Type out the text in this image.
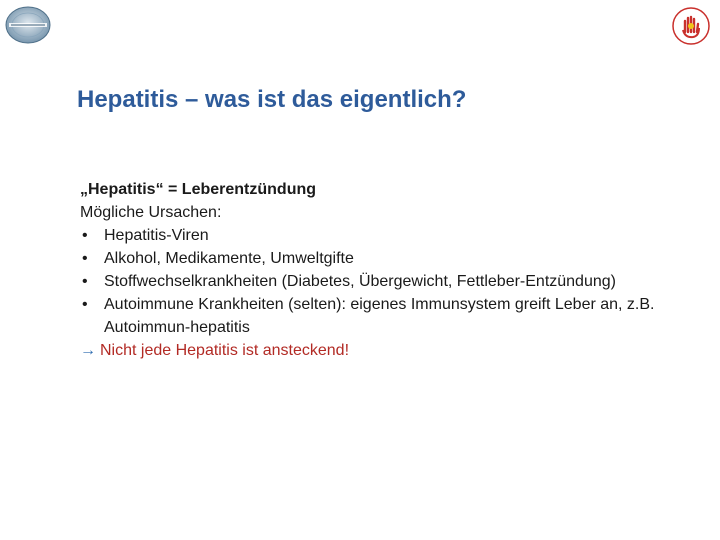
Hepatitis – was ist das eigentlich?
„Hepatitis“ = Leberentzündung
Mögliche Ursachen:
• Hepatitis-Viren
• Alkohol, Medikamente, Umweltgifte
• Stoffwechselkrankheiten (Diabetes, Übergewicht, Fettleber-Entzündung)
• Autoimmune Krankheiten (selten): eigenes Immunsystem greift Leber an, z.B. Autoimmun-hepatitis
→ Nicht jede Hepatitis ist ansteckend!
